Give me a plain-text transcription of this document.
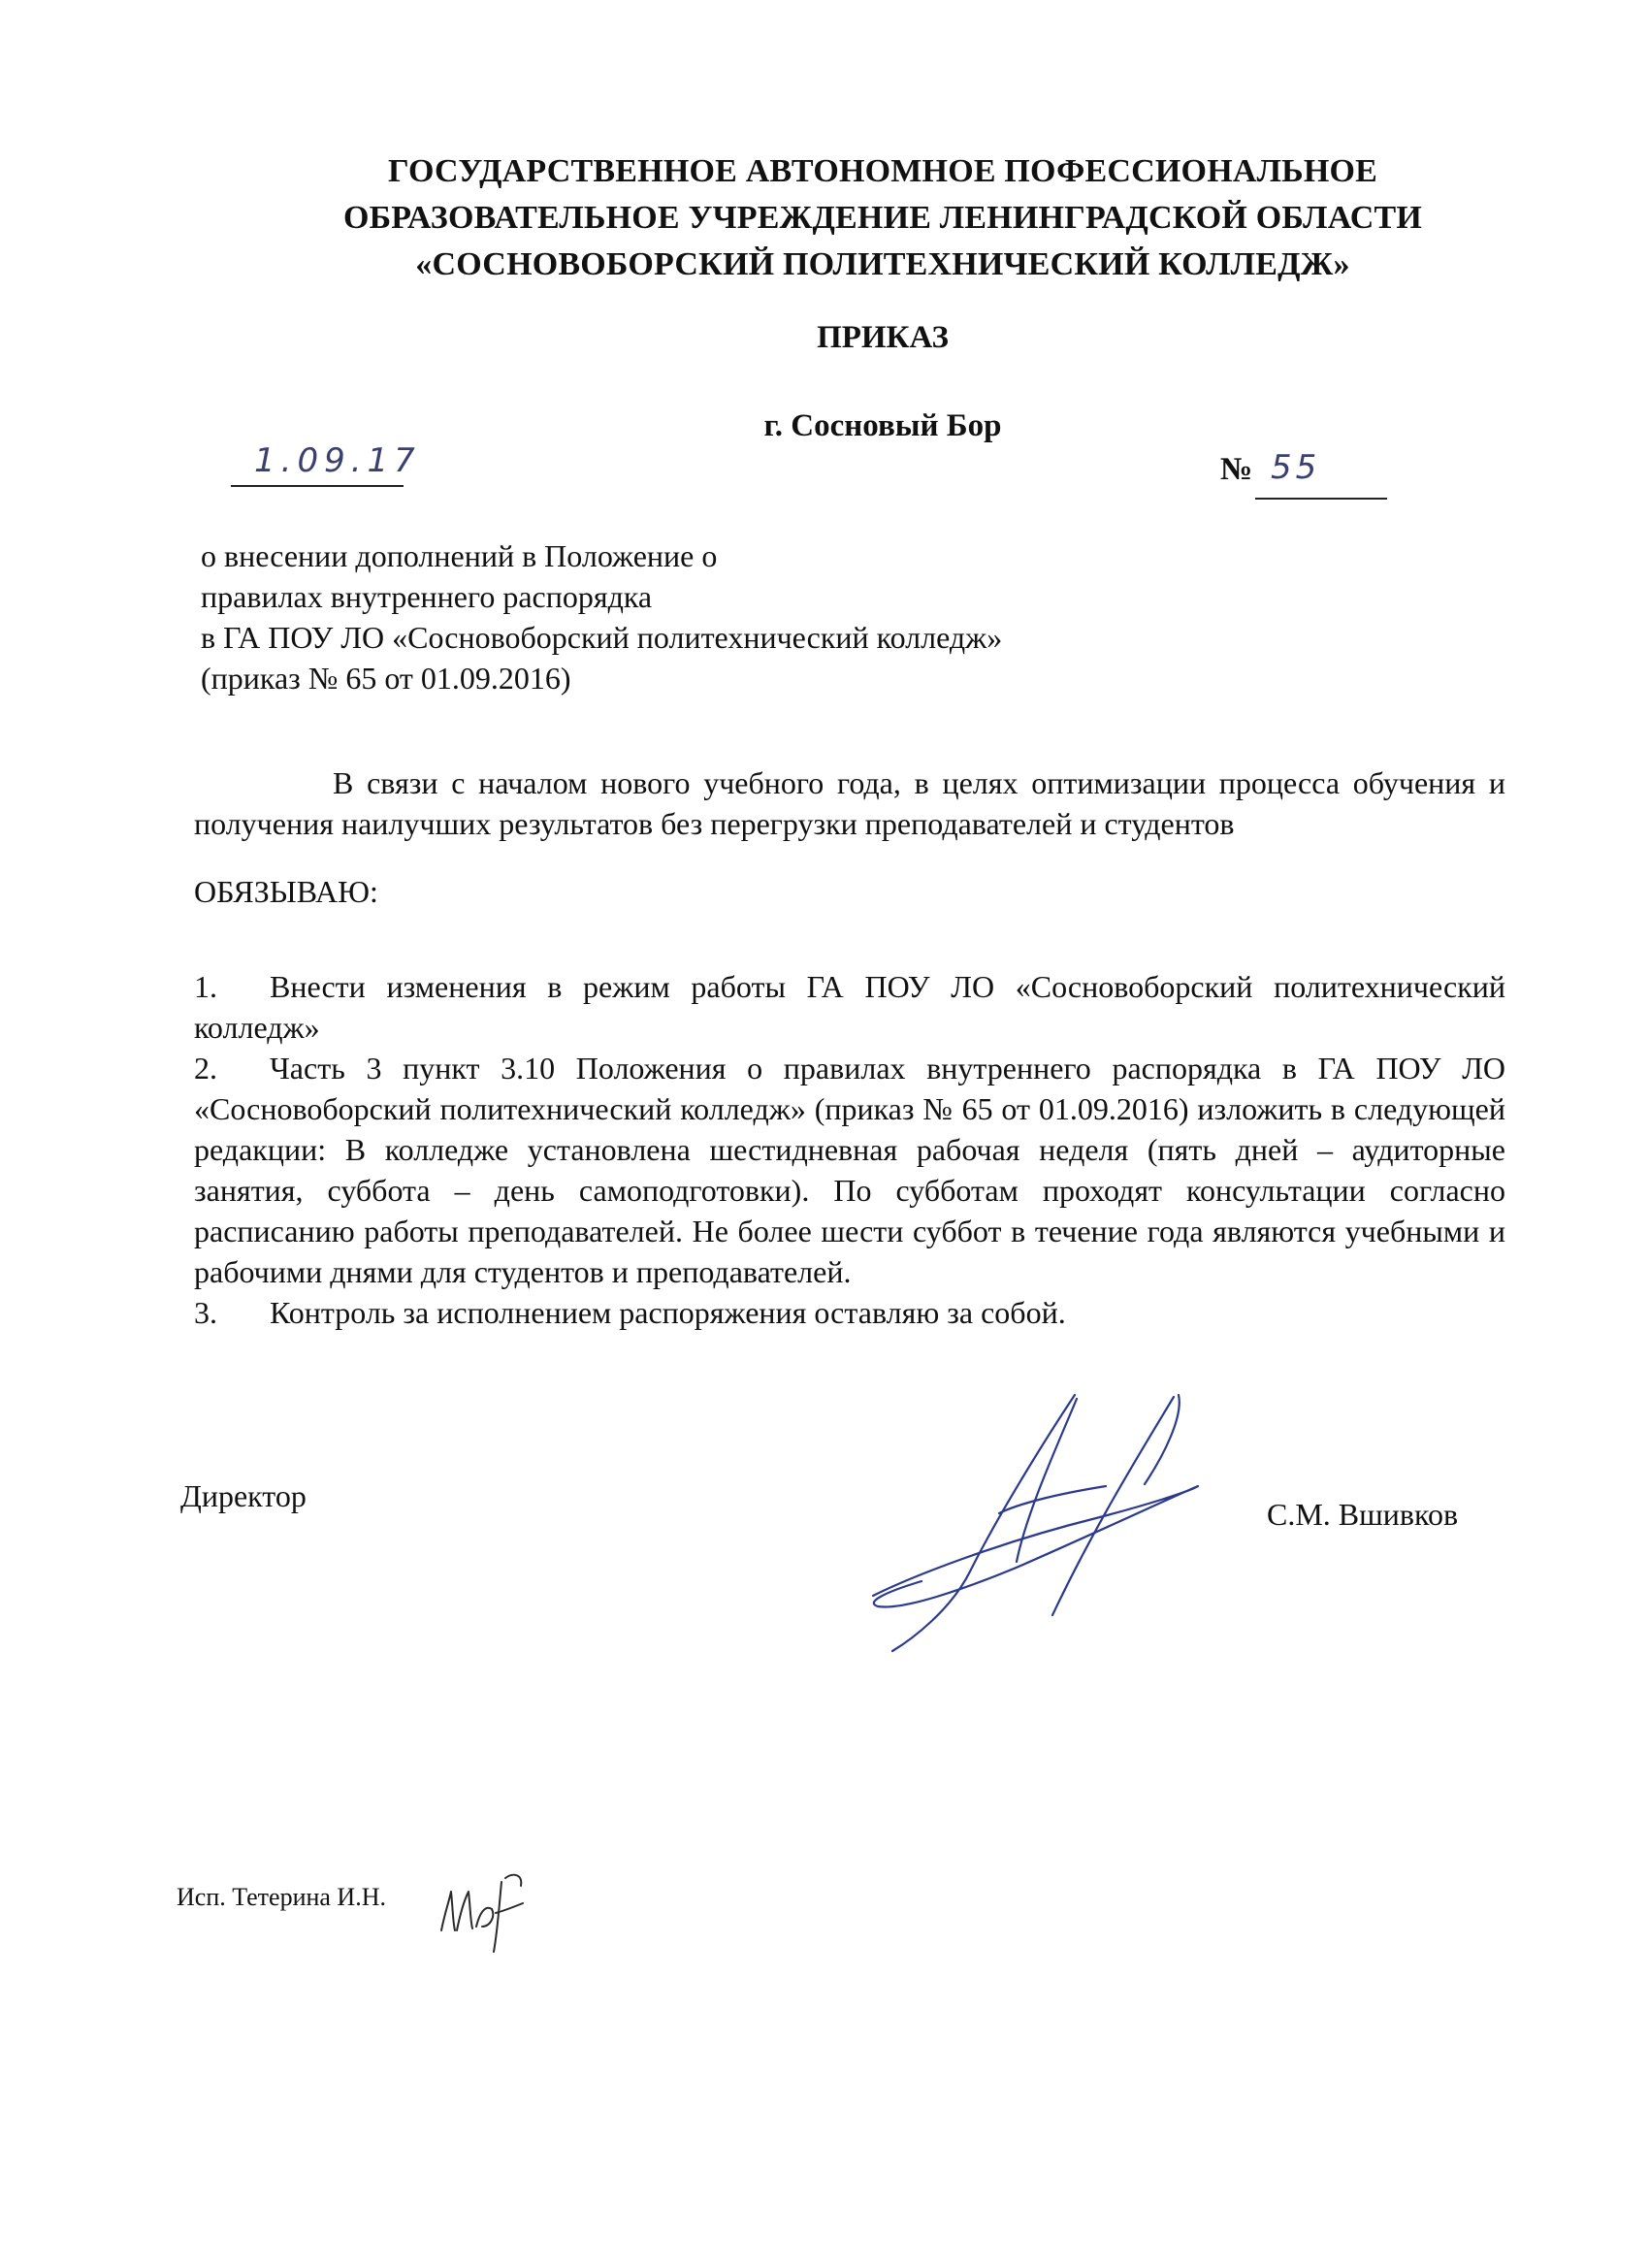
ГОСУДАРСТВЕННОЕ АВТОНОМНОЕ ПОФЕССИОНАЛЬНОЕ
ОБРАЗОВАТЕЛЬНОЕ УЧРЕЖДЕНИЕ ЛЕНИНГРАДСКОЙ ОБЛАСТИ
«СОСНОВОБОРСКИЙ ПОЛИТЕХНИЧЕСКИЙ КОЛЛЕДЖ»
ПРИКАЗ
г. Сосновый Бор
1.09.17	№ 55
о внесении дополнений в Положение о
правилах внутреннего распорядка
в ГА ПОУ ЛО «Сосновоборский политехнический колледж»
(приказ № 65 от 01.09.2016)
В связи с началом нового учебного года, в целях оптимизации процесса обучения и получения наилучших результатов без перегрузки преподавателей и студентов
ОБЯЗЫВАЮ:
1. Внести изменения в режим работы ГА ПОУ ЛО «Сосновоборский политехнический колледж»
2. Часть 3 пункт 3.10 Положения о правилах внутреннего распорядка в ГА ПОУ ЛО «Сосновоборский политехнический колледж» (приказ № 65 от 01.09.2016) изложить в следующей редакции: В колледже установлена шестидневная рабочая неделя (пять дней – аудиторные занятия, суббота – день самоподготовки). По субботам проходят консультации согласно расписанию работы преподавателей. Не более шести суббот в течение года являются учебными и рабочими днями для студентов и преподавателей.
3. Контроль за исполнением распоряжения оставляю за собой.
Директор
С.М. Вшивков
Исп. Тетерина И.Н.
